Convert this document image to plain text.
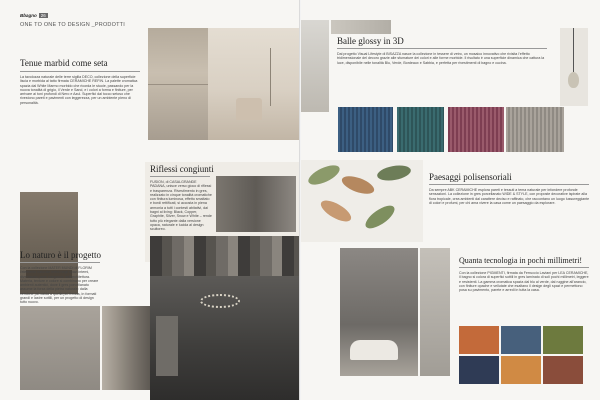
Bbagno 26
ONE TO ONE TO DESIGN _PRODOTTI
Tenue marbid come seta
La tavolozza naturale delle terre sigilla DECO, collezione della superficie liscia e morbida al tatto firmata CERAMICHE REFIN. La palette cromatica spazia dal White Marmo morbido che ricorda le stuoie, passando per la nuova tonalità di grigio, il Verde e Sand, e i colori a forma e finiture, per arrivare ai toni profondi di Nero e Azul. Superfici dal tocco setoso che rivestono pareti e pavimenti con leggerezza, per un ambiente pieno di personalità.
Riflessi congiunti
FUSION, di CASALGRANDE PADANA, unisce verso gioco di riflessi e trasparenza. Rivestimento in gres, realizzato in cinque tonalità cromatiche con finitura luminosa, effetto smaltato e bordi rettificati, si accosta in piena armonia a tutti i contesti abitativi, dai bagni ai living: Black, Copper, Graphite, Silver, Snow e White – rende tutto più elegante dalla versione opaca, naturale e lucida al design scultoreo.
Lo naturo è il progetto
Con la collezione MATER MUNDI di FLORIM l'elemento naturale entra negli spazi interni, diventando parte integrante dell'architettura. Materia, texture e colore si combinano per creare ambienti autentici, dove il gres porcellanato assume la forza della pietra naturale: dalla versione più calda a quella più fredda, in formati grandi e lastre sottili, per un progetto di design tutto nuovo.
Balle glossy in 3D
Dal progetto Visual Lifestyle di BISAZZA nasce la collezione in tessere di vetro, un mosaico innovativo che rivisita l'effetto tridimensionale del decoro grazie alle sfumature dei colori e alle forme morbide. Il risultato è una superficie dinamica che cattura la luce, disponibile nelle tonalità Blu, Verde, Bordeaux e Sabbia, e perfetta per rivestimenti di bagno e cucina.
Paesaggi polisensoriali
Da sempre ABK CERAMICHE esplora pareti e tessuti a tema naturale per infondere profonde sensazioni. La collezione in gres porcellanato WIDE & STYLE, con proposte decorative ispirate alla flora tropicale, crea ambienti dal carattere deciso e raffinato, che raccontano un luogo lussureggiante di colori e profumi, per chi ama vivere la casa come un paesaggio da esplorare.
Quanta tecnologia in pochi millimetri!
Con la collezione PIGMENTI, firmata da Ferruccio Laviani per LEA CERAMICHE, il bagno si colora di superfici sottili in gres laminato di soli pochi millimetri, leggere e resistenti. La gamma cromatica spazia dal blu al verde, dal ruggine all'arancio, con finiture opache e vellutate che esaltano il design degli spazi e permettono posa su pavimento, parete e arredi in tutta la casa.
